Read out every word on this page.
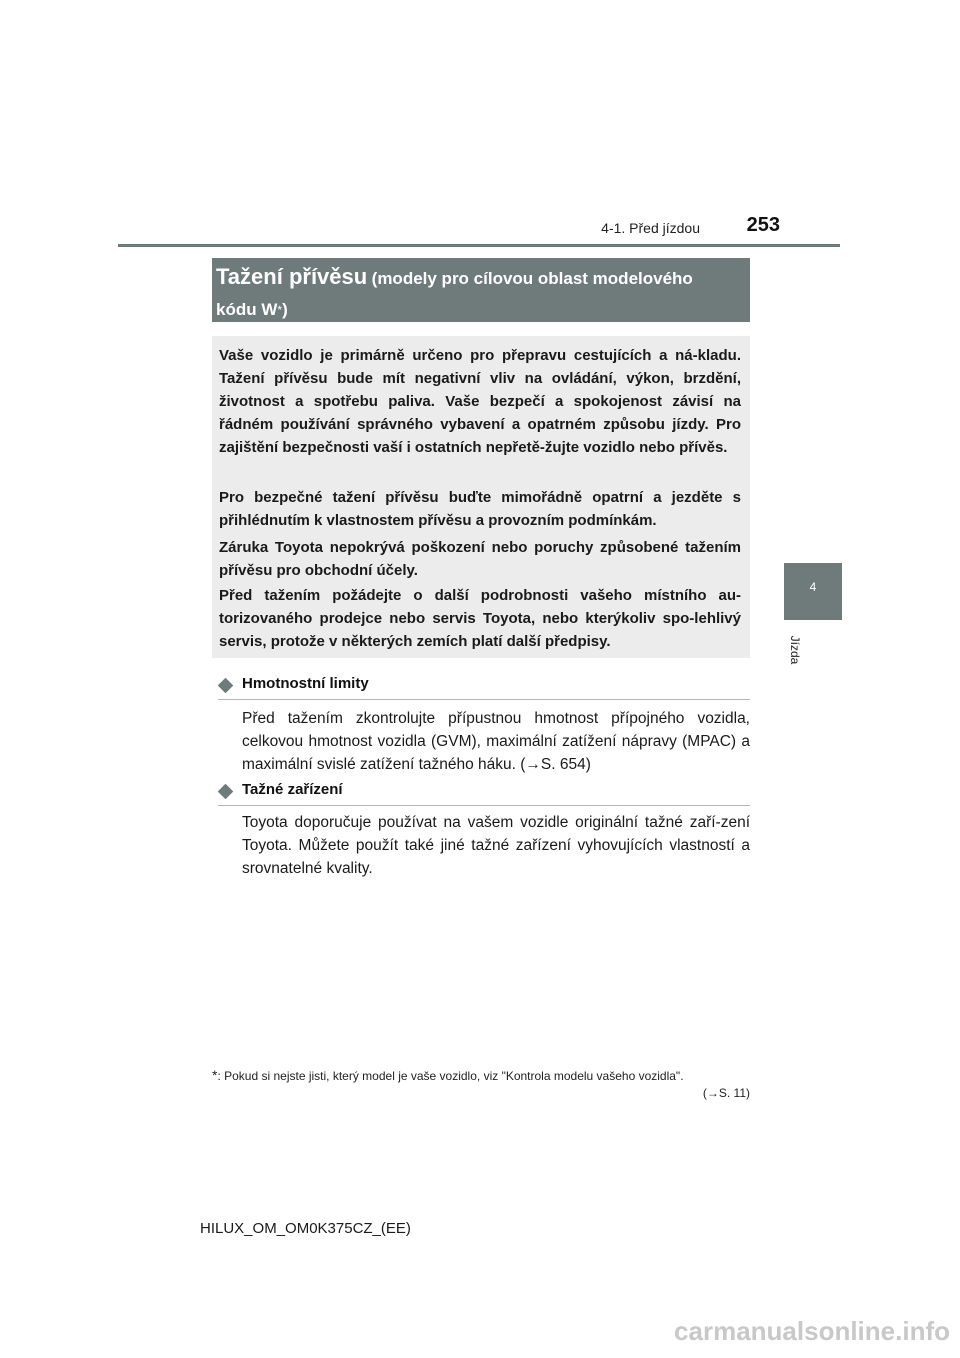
4-1. Před jízdou	253
4
Jízda
Tažení přívěsu (modely pro cílovou oblast modelového kódu W*)

Vaše vozidlo je primárně určeno pro přepravu cestujících a ná-kladu. Tažení přívěsu bude mít negativní vliv na ovládání, výkon, brzdění, životnost a spotřebu paliva. Vaše bezpečí a spokojenost závisí na řádném používání správného vybavení a opatrném způsobu jízdy. Pro zajištění bezpečnosti vaší i ostatních nepřetě-žujte vozidlo nebo přívěs.

Pro bezpečné tažení přívěsu buďte mimořádně opatrní a jezděte s přihlédnutím k vlastnostem přívěsu a provozním podmínkám.

Záruka Toyota nepokrývá poškození nebo poruchy způsobené tažením přívěsu pro obchodní účely.

Před tažením požádejte o další podrobnosti vašeho místního au-torizovaného prodejce nebo servis Toyota, nebo kterýkoliv spo-lehlivý servis, protože v některých zemích platí další předpisy.

Hmotnostní limity

Před tažením zkontrolujte přípustnou hmotnost přípojného vozidla, celkovou hmotnost vozidla (GVM), maximální zatížení nápravy (MPAC) a maximální svislé zatížení tažného háku. (→S. 654)

Tažné zařízení

Toyota doporučuje používat na vašem vozidle originální tažné zaří-zení Toyota. Můžete použít také jiné tažné zařízení vyhovujících vlastností a srovnatelné kvality.

*: Pokud si nejste jisti, který model je vaše vozidlo, viz "Kontrola modelu vašeho vozidla".
(→S. 11)
HILUX_OM_OM0K375CZ_(EE)
carmanualsonline.info
